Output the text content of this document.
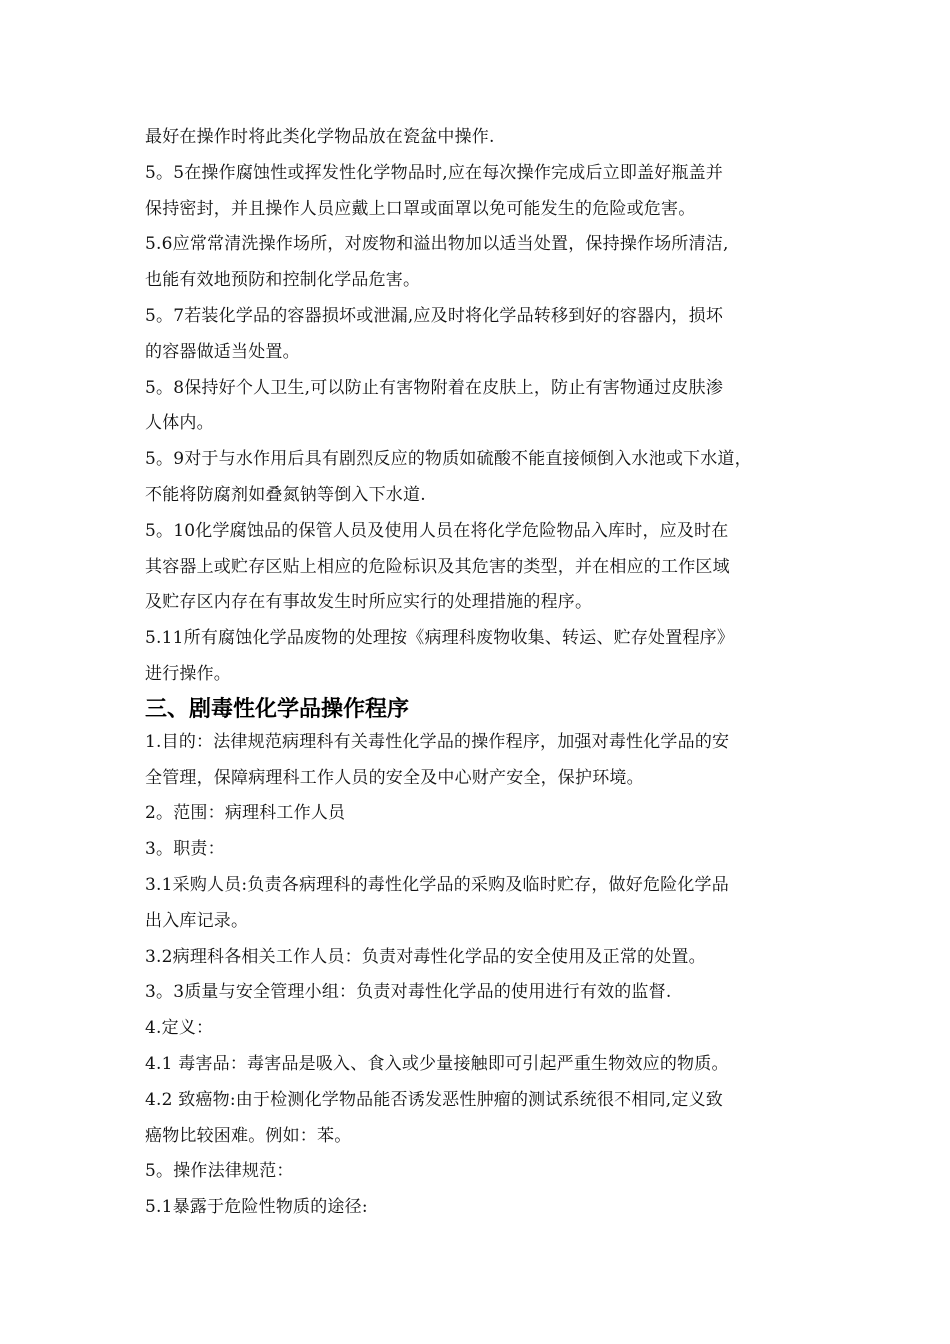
最好在操作时将此类化学物品放在瓷盆中操作.
5。5在操作腐蚀性或挥发性化学物品时,应在每次操作完成后立即盖好瓶盖并
保持密封，并且操作人员应戴上口罩或面罩以免可能发生的危险或危害。
5.6应常常清洗操作场所，对废物和溢出物加以适当处置，保持操作场所清洁,
也能有效地预防和控制化学品危害。
5。7若装化学品的容器损坏或泄漏,应及时将化学品转移到好的容器内，损坏
的容器做适当处置。
5。8保持好个人卫生,可以防止有害物附着在皮肤上，防止有害物通过皮肤渗
人体内。
5。9对于与水作用后具有剧烈反应的物质如硫酸不能直接倾倒入水池或下水道，
不能将防腐剂如叠氮钠等倒入下水道.
5。10化学腐蚀品的保管人员及使用人员在将化学危险物品入库时，应及时在
其容器上或贮存区贴上相应的危险标识及其危害的类型，并在相应的工作区域
及贮存区内存在有事故发生时所应实行的处理措施的程序。
5.11所有腐蚀化学品废物的处理按《病理科废物收集、转运、贮存处置程序》
进行操作。
三、剧毒性化学品操作程序
1.目的：法律规范病理科有关毒性化学品的操作程序，加强对毒性化学品的安
全管理，保障病理科工作人员的安全及中心财产安全，保护环境。
2。范围：病理科工作人员
3。职责：
3.1采购人员:负责各病理科的毒性化学品的采购及临时贮存，做好危险化学品
出入库记录。
3.2病理科各相关工作人员：负责对毒性化学品的安全使用及正常的处置。
3。3质量与安全管理小组：负责对毒性化学品的使用进行有效的监督.
4.定义：
4.1 毒害品：毒害品是吸入、食入或少量接触即可引起严重生物效应的物质。
4.2 致癌物:由于检测化学物品能否诱发恶性肿瘤的测试系统很不相同,定义致
癌物比较困难。例如：苯。
5。操作法律规范：
5.1暴露于危险性物质的途径:
